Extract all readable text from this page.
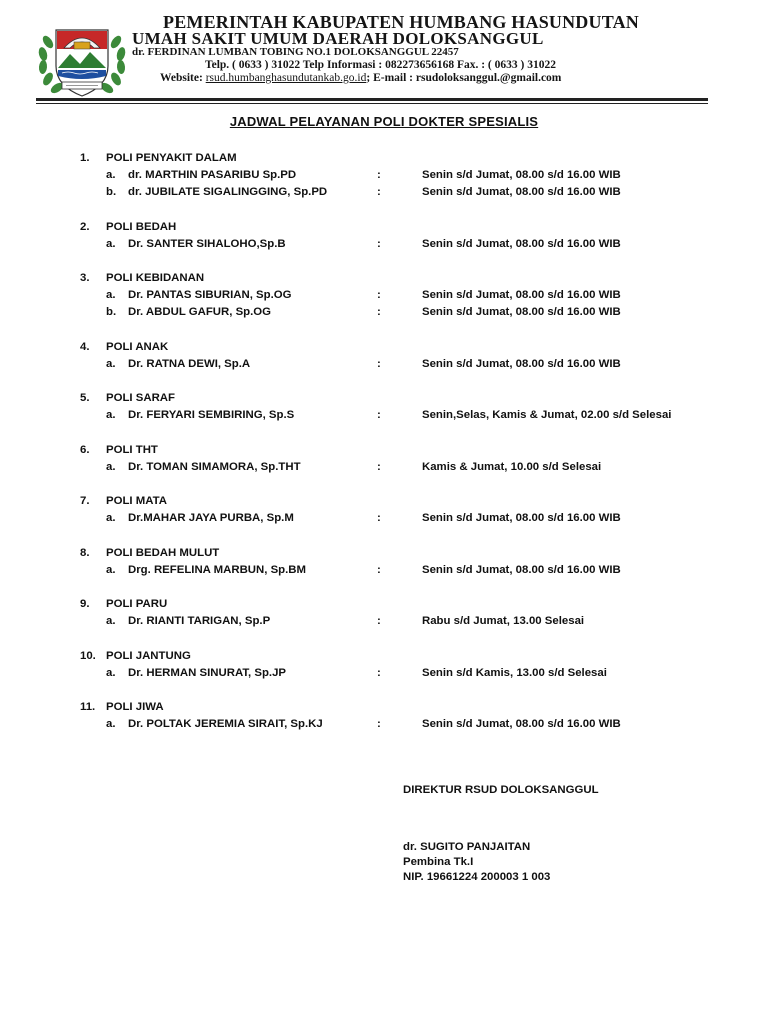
PEMERINTAH KABUPATEN HUMBANG HASUNDUTAN
UMAH SAKIT UMUM DAERAH DOLOKSANGGUL
dr. FERDINAN LUMBAN TOBING NO.1 DOLOKSANGGUL 22457
Telp. ( 0633 ) 31022 Telp Informasi : 082273656168 Fax. : ( 0633 ) 31022
Website: rsud.humbanghasundutankab.go.id; E-mail : rsudoloksanggul.@gmail.com
JADWAL PELAYANAN POLI DOKTER SPESIALIS
1. POLI PENYAKIT DALAM
a. dr. MARTHIN PASARIBU Sp.PD	:	Senin s/d Jumat, 08.00 s/d 16.00 WIB
b. dr. JUBILATE SIGALINGGING, Sp.PD	:	Senin s/d Jumat, 08.00 s/d 16.00 WIB
2. POLI BEDAH
a. Dr. SANTER SIHALOHO,Sp.B	:	Senin s/d Jumat, 08.00 s/d 16.00 WIB
3. POLI KEBIDANAN
a. Dr. PANTAS SIBURIAN, Sp.OG	:	Senin s/d Jumat, 08.00 s/d 16.00 WIB
b. Dr. ABDUL GAFUR, Sp.OG	:	Senin s/d Jumat, 08.00 s/d 16.00 WIB
4. POLI ANAK
a. Dr. RATNA DEWI, Sp.A	:	Senin s/d Jumat, 08.00 s/d 16.00 WIB
5. POLI SARAF
a. Dr. FERYARI SEMBIRING, Sp.S	:	Senin,Selas, Kamis & Jumat, 02.00 s/d Selesai
6. POLI THT
a. Dr. TOMAN SIMAMORA, Sp.THT	:	Kamis & Jumat, 10.00 s/d Selesai
7. POLI MATA
a. Dr.MAHAR JAYA PURBA, Sp.M	:	Senin s/d Jumat, 08.00 s/d 16.00 WIB
8. POLI BEDAH MULUT
a. Drg. REFELINA MARBUN, Sp.BM	:	Senin s/d Jumat, 08.00 s/d 16.00 WIB
9. POLI PARU
a. Dr. RIANTI TARIGAN, Sp.P	:	Rabu s/d Jumat, 13.00 Selesai
10. POLI JANTUNG
a. Dr. HERMAN SINURAT, Sp.JP	:	Senin s/d Kamis, 13.00 s/d Selesai
11. POLI JIWA
a. Dr. POLTAK JEREMIA SIRAIT, Sp.KJ	:	Senin s/d Jumat, 08.00 s/d 16.00 WIB
DIREKTUR RSUD DOLOKSANGGUL
dr. SUGITO PANJAITAN
Pembina Tk.I
NIP. 19661224 200003 1 003
